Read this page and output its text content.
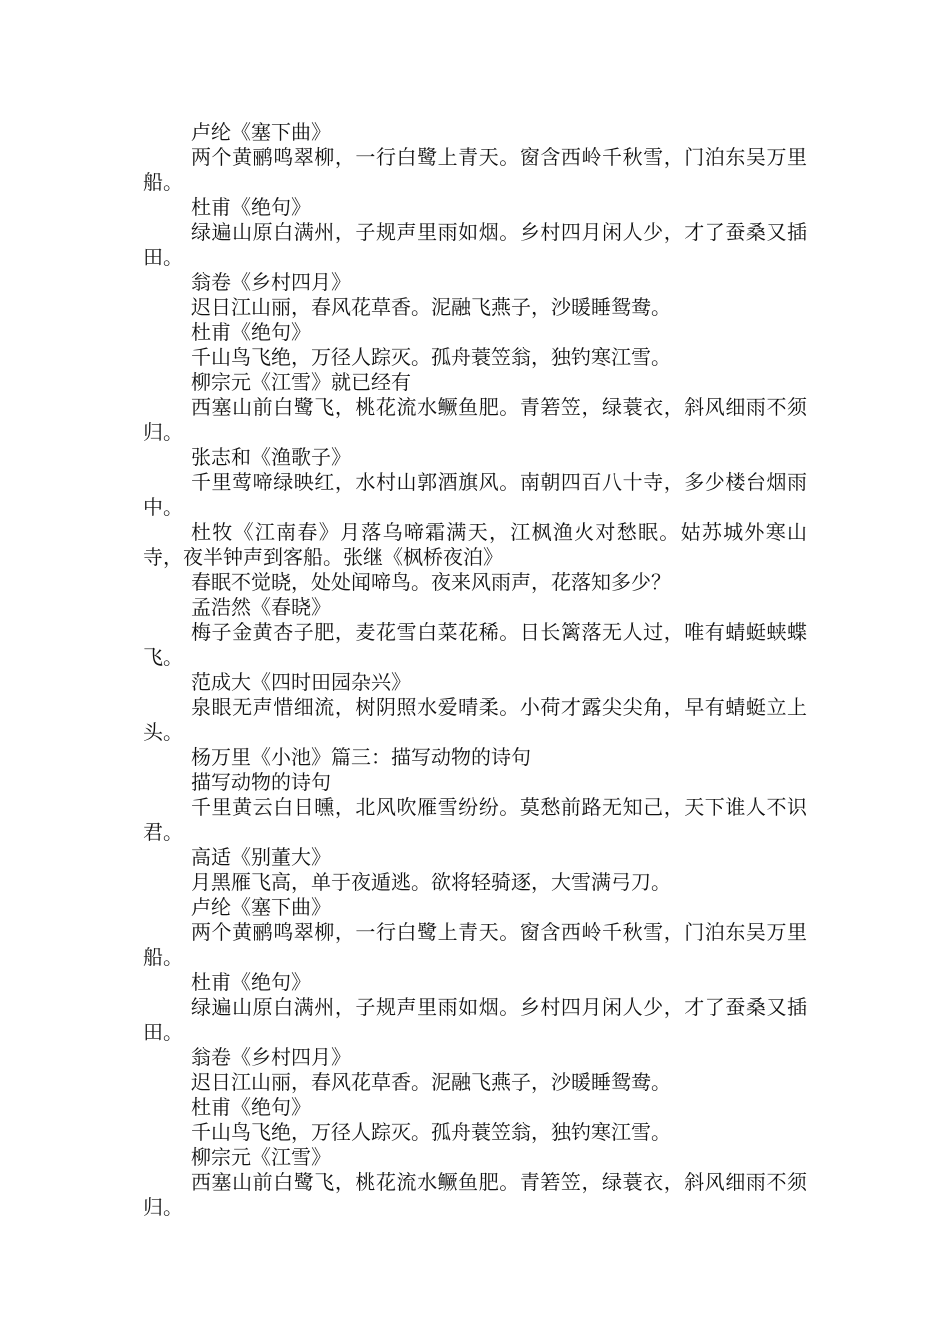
卢纶《塞下曲》

两个黄鹂鸣翠柳，一行白鹭上青天。窗含西岭千秋雪，门泊东吴万里船。

杜甫《绝句》

绿遍山原白满州，子规声里雨如烟。乡村四月闲人少，才了蚕桑又插田。

翁卷《乡村四月》

迟日江山丽，春风花草香。泥融飞燕子，沙暖睡鸳鸯。

杜甫《绝句》

千山鸟飞绝，万径人踪灭。孤舟蓑笠翁，独钓寒江雪。

柳宗元《江雪》就已经有

西塞山前白鹭飞，桃花流水鳜鱼肥。青箬笠，绿蓑衣，斜风细雨不须归。

张志和《渔歌子》

千里莺啼绿映红，水村山郭酒旗风。南朝四百八十寺，多少楼台烟雨中。

杜牧《江南春》月落乌啼霜满天，江枫渔火对愁眠。姑苏城外寒山寺，夜半钟声到客船。张继《枫桥夜泊》

春眠不觉晓，处处闻啼鸟。夜来风雨声，花落知多少？

孟浩然《春晓》

梅子金黄杏子肥，麦花雪白菜花稀。日长篱落无人过，唯有蜻蜓蛱蝶飞。

范成大《四时田园杂兴》

泉眼无声惜细流，树阴照水爱晴柔。小荷才露尖尖角，早有蜻蜓立上头。

杨万里《小池》篇三：描写动物的诗句

描写动物的诗句

千里黄云白日曛，北风吹雁雪纷纷。莫愁前路无知己，天下谁人不识君。

高适《别董大》

月黑雁飞高，单于夜遁逃。欲将轻骑逐，大雪满弓刀。

卢纶《塞下曲》

两个黄鹂鸣翠柳，一行白鹭上青天。窗含西岭千秋雪，门泊东吴万里船。

杜甫《绝句》

绿遍山原白满州，子规声里雨如烟。乡村四月闲人少，才了蚕桑又插田。

翁卷《乡村四月》

迟日江山丽，春风花草香。泥融飞燕子，沙暖睡鸳鸯。

杜甫《绝句》

千山鸟飞绝，万径人踪灭。孤舟蓑笠翁，独钓寒江雪。

柳宗元《江雪》

西塞山前白鹭飞，桃花流水鳜鱼肥。青箬笠，绿蓑衣，斜风细雨不须归。
